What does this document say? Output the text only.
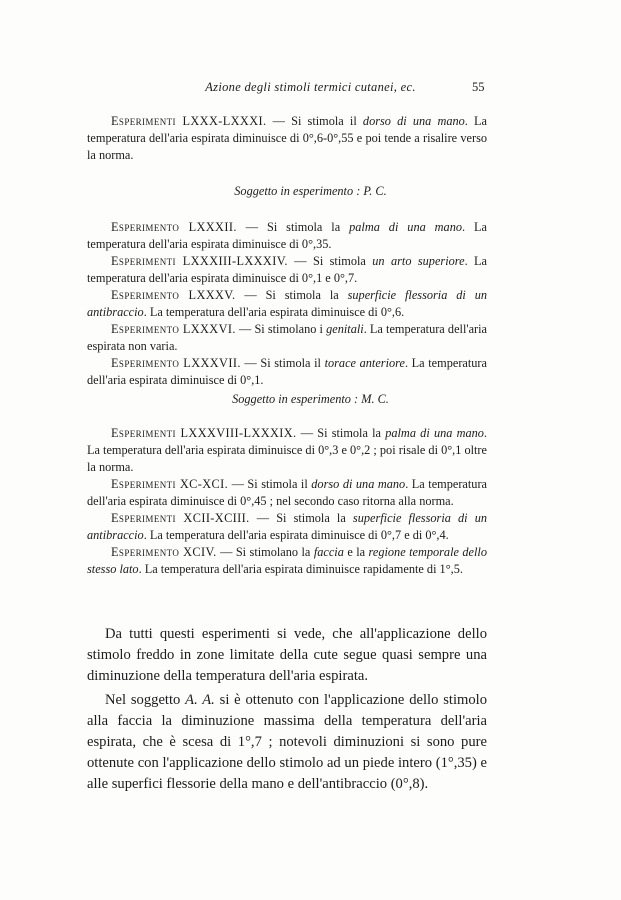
Azione degli stimoli termici cutanei, ec.	55

Esperimenti LXXX-LXXXI. — Si stimola il dorso di una mano. La temperatura dell'aria espirata diminuisce di 0°,6-0°,55 e poi tende a risalire verso la norma.

Soggetto in esperimento : P. C.

Esperimento LXXXII. — Si stimola la palma di una mano. La temperatura dell'aria espirata diminuisce di 0°,35.

Esperimenti LXXXIII-LXXXIV. — Si stimola un arto superiore. La temperatura dell'aria espirata diminuisce di 0°,1 e 0°,7.

Esperimento LXXXV. — Si stimola la superficie flessoria di un antibraccio. La temperatura dell'aria espirata diminuisce di 0°,6.

Esperimento LXXXVI. — Si stimolano i genitali. La temperatura dell'aria espirata non varia.

Esperimento LXXXVII. — Si stimola il torace anteriore. La temperatura dell'aria espirata diminuisce di 0°,1.

Soggetto in esperimento : M. C.

Esperimenti LXXXVIII-LXXXIX. — Si stimola la palma di una mano. La temperatura dell'aria espirata diminuisce di 0°,3 e 0°,2 ; poi risale di 0°,1 oltre la norma.

Esperimenti XC-XCI. — Si stimola il dorso di una mano. La temperatura dell'aria espirata diminuisce di 0°,45 ; nel secondo caso ritorna alla norma.

Esperimenti XCII-XCIII. — Si stimola la superficie flessoria di un antibraccio. La temperatura dell'aria espirata diminuisce di 0°,7 e di 0°,4.

Esperimento XCIV. — Si stimolano la faccia e la regione temporale dello stesso lato. La temperatura dell'aria espirata diminuisce rapidamente di 1°,5.

Da tutti questi esperimenti si vede, che all'applicazione dello stimolo freddo in zone limitate della cute segue quasi sempre una diminuzione della temperatura dell'aria espirata.

Nel soggetto A. A. si è ottenuto con l'applicazione dello stimolo alla faccia la diminuzione massima della temperatura dell'aria espirata, che è scesa di 1°,7 ; notevoli diminuzioni si sono pure ottenute con l'applicazione dello stimolo ad un piede intero (1°,35) e alle superfici flessorie della mano e dell'antibraccio (0°,8).
